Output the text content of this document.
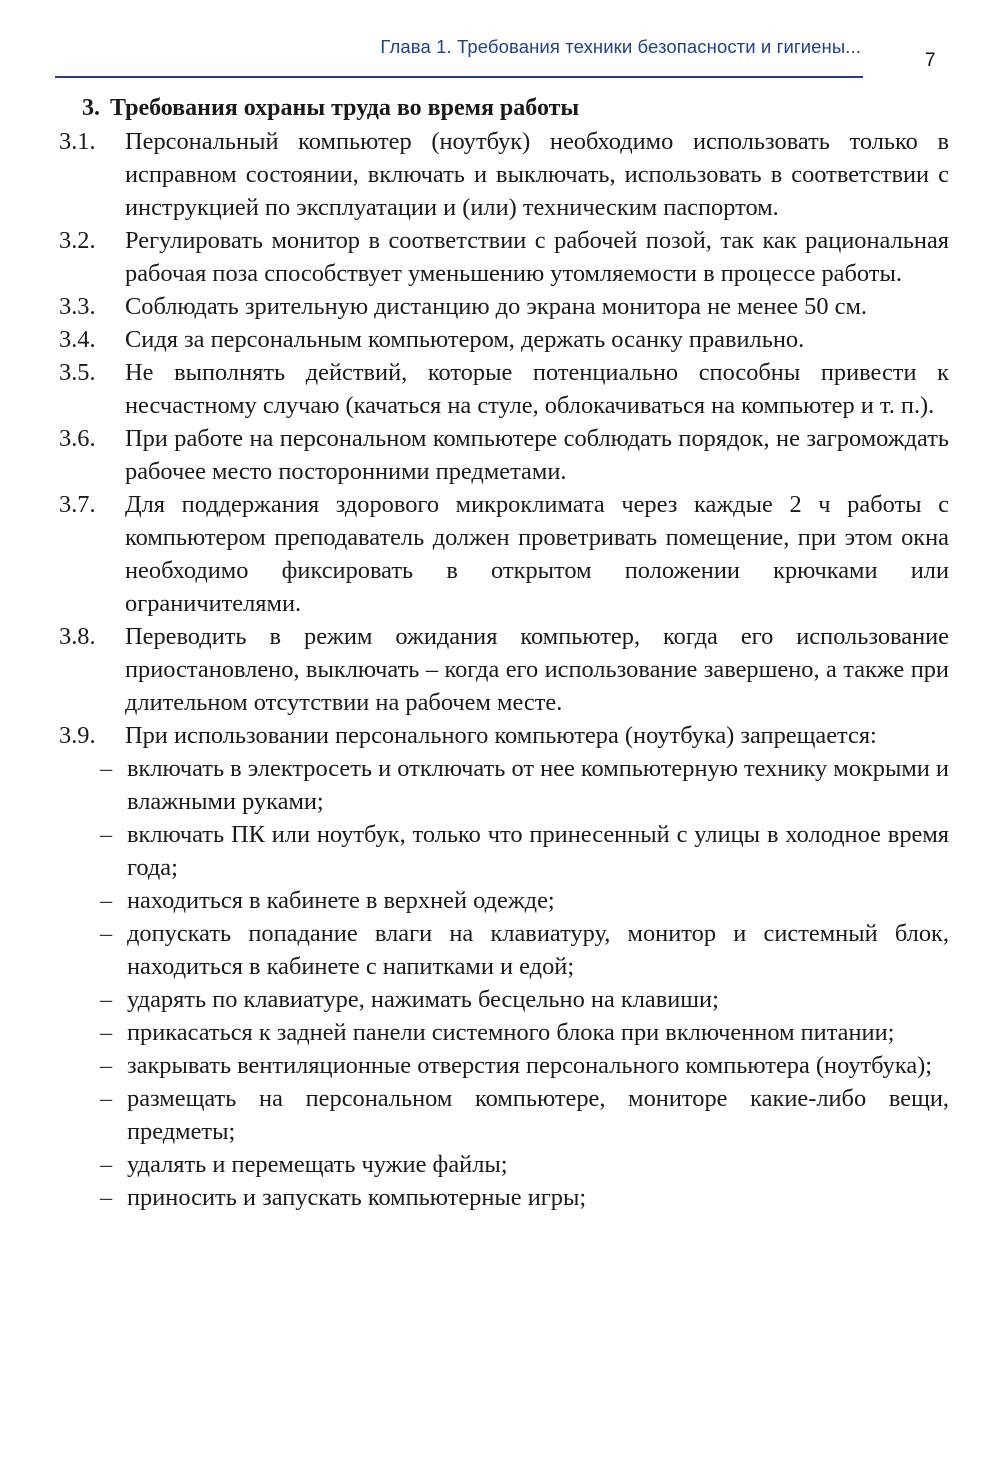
Глава 1. Требования техники безопасности и гигиены...
7
3. Требования охраны труда во время работы
3.1. Персональный компьютер (ноутбук) необходимо использовать только в исправном состоянии, включать и выключать, использовать в соответствии с инструкцией по эксплуатации и (или) техническим паспортом.
3.2. Регулировать монитор в соответствии с рабочей позой, так как рациональная рабочая поза способствует уменьшению утомляемости в процессе работы.
3.3. Соблюдать зрительную дистанцию до экрана монитора не менее 50 см.
3.4. Сидя за персональным компьютером, держать осанку правильно.
3.5. Не выполнять действий, которые потенциально способны привести к несчастному случаю (качаться на стуле, облокачиваться на компьютер и т. п.).
3.6. При работе на персональном компьютере соблюдать порядок, не загромождать рабочее место посторонними предметами.
3.7. Для поддержания здорового микроклимата через каждые 2 ч работы с компьютером преподаватель должен проветривать помещение, при этом окна необходимо фиксировать в открытом положении крючками или ограничителями.
3.8. Переводить в режим ожидания компьютер, когда его использование приостановлено, выключать – когда его использование завершено, а также при длительном отсутствии на рабочем месте.
3.9. При использовании персонального компьютера (ноутбука) запрещается:
– включать в электросеть и отключать от нее компьютерную технику мокрыми и влажными руками;
– включать ПК или ноутбук, только что принесенный с улицы в холодное время года;
– находиться в кабинете в верхней одежде;
– допускать попадание влаги на клавиатуру, монитор и системный блок, находиться в кабинете с напитками и едой;
– ударять по клавиатуре, нажимать бесцельно на клавиши;
– прикасаться к задней панели системного блока при включенном питании;
– закрывать вентиляционные отверстия персонального компьютера (ноутбука);
– размещать на персональном компьютере, мониторе какие-либо вещи, предметы;
– удалять и перемещать чужие файлы;
– приносить и запускать компьютерные игры;
